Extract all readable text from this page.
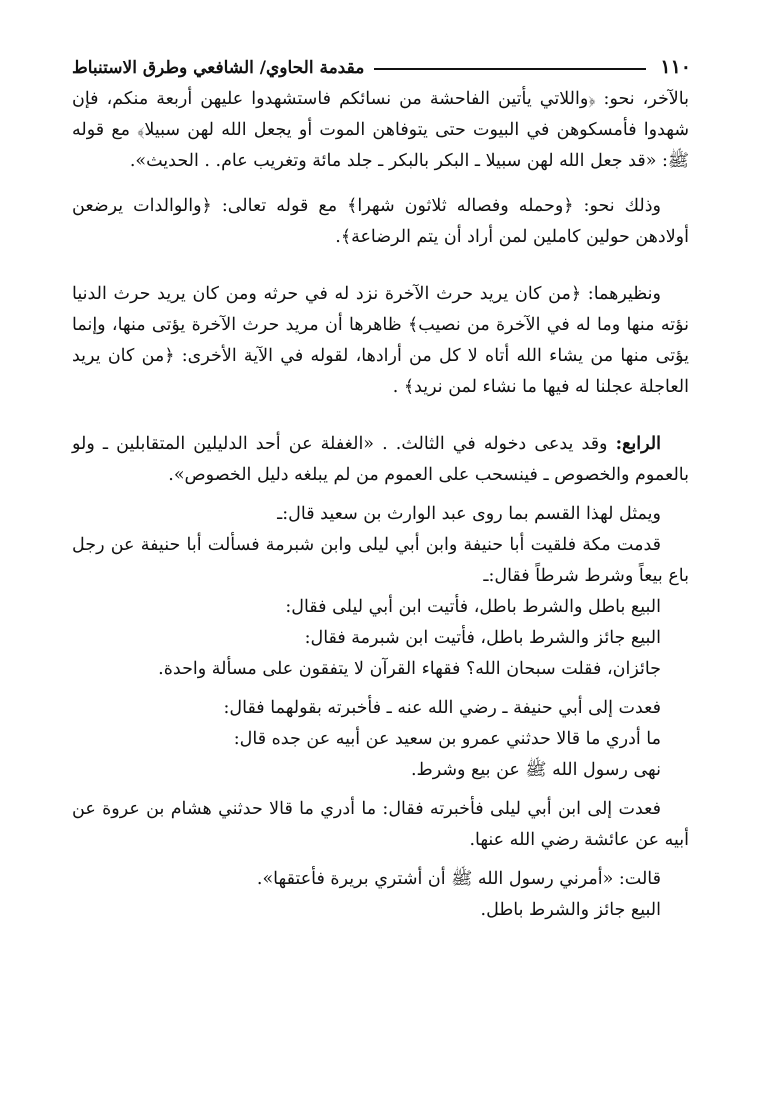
١١٠
مقدمة الحاوي/ الشافعي وطرق الاستنباط

بالآخر، نحو: ﴿واللاتي يأتين الفاحشة من نسائكم فاستشهدوا عليهن أربعة منكم، فإن شهدوا فأمسكوهن في البيوت حتى يتوفاهن الموت أو يجعل الله لهن سبيلا﴾ مع قوله ﷺ: «قد جعل الله لهن سبيلا ـ البكر بالبكر ـ جلد مائة وتغريب عام. . الحديث».

وذلك نحو: ﴿وحمله وفصاله ثلاثون شهرا﴾ مع قوله تعالى: ﴿والوالدات يرضعن أولادهن حولين كاملين لمن أراد أن يتم الرضاعة﴾.

ونظيرهما: ﴿من كان يريد حرث الآخرة نزد له في حرثه ومن كان يريد حرث الدنيا نؤته منها وما له في الآخرة من نصيب﴾ ظاهرها أن مريد حرث الآخرة يؤتى منها، وإنما يؤتى منها من يشاء الله أتاه لا كل من أرادها، لقوله في الآية الأخرى: ﴿من كان يريد العاجلة عجلنا له فيها ما نشاء لمن نريد﴾ .

الرابع: وقد يدعى دخوله في الثالث. . «الغفلة عن أحد الدليلين المتقابلين ـ ولو بالعموم والخصوص ـ فينسحب على العموم من لم يبلغه دليل الخصوص».

ويمثل لهذا القسم بما روى عبد الوارث بن سعيد قال:ـ

قدمت مكة فلقيت أبا حنيفة وابن أبي ليلى وابن شبرمة فسألت أبا حنيفة عن رجل باع بيعاً وشرط شرطاً فقال:ـ

البيع باطل والشرط باطل، فأتيت ابن أبي ليلى فقال:

البيع جائز والشرط باطل، فأتيت ابن شبرمة فقال:

جائزان، فقلت سبحان الله؟ فقهاء القرآن لا يتفقون على مسألة واحدة.

فعدت إلى أبي حنيفة ـ رضي الله عنه ـ فأخبرته بقولهما فقال:

ما أدري ما قالا حدثني عمرو بن سعيد عن أبيه عن جده قال:

نهى رسول الله ﷺ عن بيع وشرط.

فعدت إلى ابن أبي ليلى فأخبرته فقال: ما أدري ما قالا حدثني هشام بن عروة عن أبيه عن عائشة رضي الله عنها.

قالت: «أمرني رسول الله ﷺ أن أشتري بريرة فأعتقها».

البيع جائز والشرط باطل.
